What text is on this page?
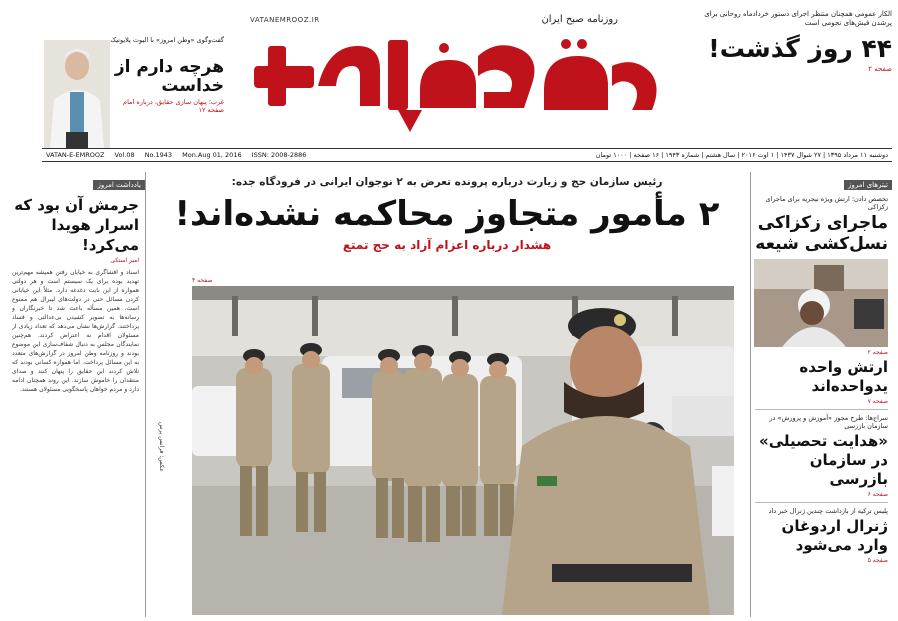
الکار عمومی همچنان منتظر اجرای دستور خردادماه روحانی برای پرشدن فیش‌های نجومی است
۴۴ روز گذشت!
صفحه ۲
روزنامه صبح ایران
VATANEMROOZ.IR
گفت‌وگوی «وطن امروز» با الیوت پلایونیک
هرچه دارم از خداست
غرب؛ پنهان سازی حقایق، درباره امام صفحه ۱۲
VATAN-E-EMROOZ Vol.08 No.1943 Mon.Aug 01, 2016 ISSN: 2008-2886	دوشنبه ۱۱ مرداد ۱۳۹۵ | ۲۷ شوال ۱۴۳۷ | ۱ اوت ۲۰۱۶ | سال هشتم | شماره ۱۹۴۳ | ۱۶ صفحه | ۱۰۰۰ تومان
یادداشت امروز
جرمش آن بود که اسرار هویدا می‌کرد!
امیر استکی
اسناد و افشاگری به خیابان رفتن همیشه مهم‌ترین تهدید بوده برای یک سیستم است و هر دولتی همواره از این بابت دغدغه دارد. مثلاً این خیابانی کردن مسائل حتی در دولت‌های لیبرال هم ممنوع است. همین مسأله باعث شد تا خبرنگاران و رسانه‌ها به تصویر کشیدن بی‌عدالتی و فساد پرداختند. گزارش‌ها نشان می‌دهد که تعداد زیادی از مسئولان اقدام به اعتراض کردند. هم‌چنین نمایندگان مجلس به دنبال شفاف‌سازی این موضوع بودند و روزنامه وطن امروز در گزارش‌های متعدد به این مسائل پرداخت. اما همواره کسانی بودند که تلاش کردند این حقایق را پنهان کنند و صدای منتقدان را خاموش سازند. این روند همچنان ادامه دارد و مردم خواهان پاسخگویی مسئولان هستند.
رئیس سازمان حج و زیارت درباره پرونده تعرض به ۲ نوجوان ایرانی در فرودگاه جده:
۲ مأمور متجاوز محاکمه نشده‌اند!
هشدار درباره اعزام آزاد به حج تمتع
صفحه ۴
عکس: فرانس پرس
تیترهای امروز
تخصص دادن؛ ارتش ویژه نیجریه برای ماجرای زکزاکی
ماجرای زکزاکی نسل‌کشی شیعه
صفحه ۲
ارتش واحده یدواحده‌اند
صفحه ۷
سراج‌ها: طرح مجوز «آموزش و پرورش» در سازمان بازرسی
«هدایت تحصیلی» در سازمان بازرسی
صفحه ۶
پلیس ترکیه از بازداشت چندین ژنرال خبر داد
ژنرال اردوغان وارد می‌شود
صفحه ۵
